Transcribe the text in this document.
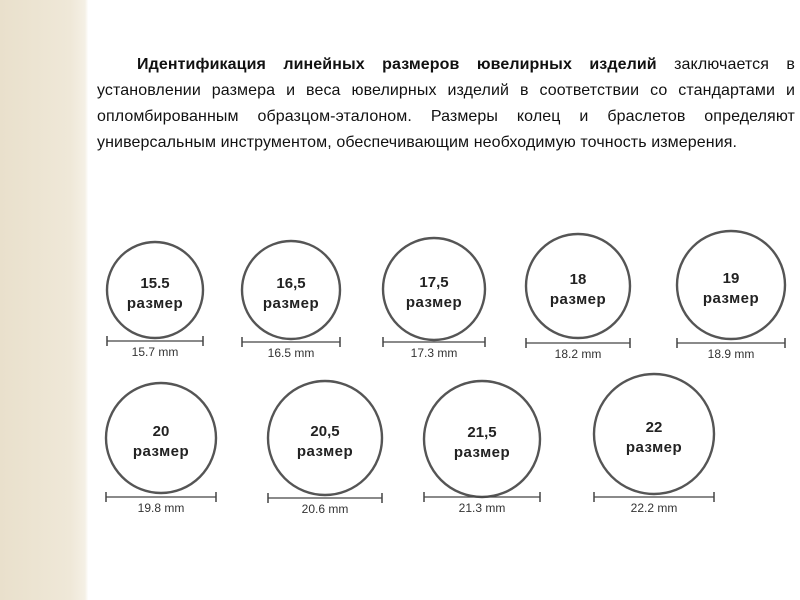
Идентификация линейных размеров ювелирных изделий заключается в установлении размера и веса ювелирных изделий в соответствии со стандартами и опломбированным образцом-эталоном. Размеры колец и браслетов определяют универсальным инструментом, обеспечивающим необходимую точность измерения.
15.5
размер
15.7 mm
16,5
размер
16.5 mm
17,5
размер
17.3 mm
18
размер
18.2 mm
19
размер
18.9 mm
20
размер
19.8 mm
20,5
размер
20.6 mm
21,5
размер
21.3 mm
22
размер
22.2 mm
